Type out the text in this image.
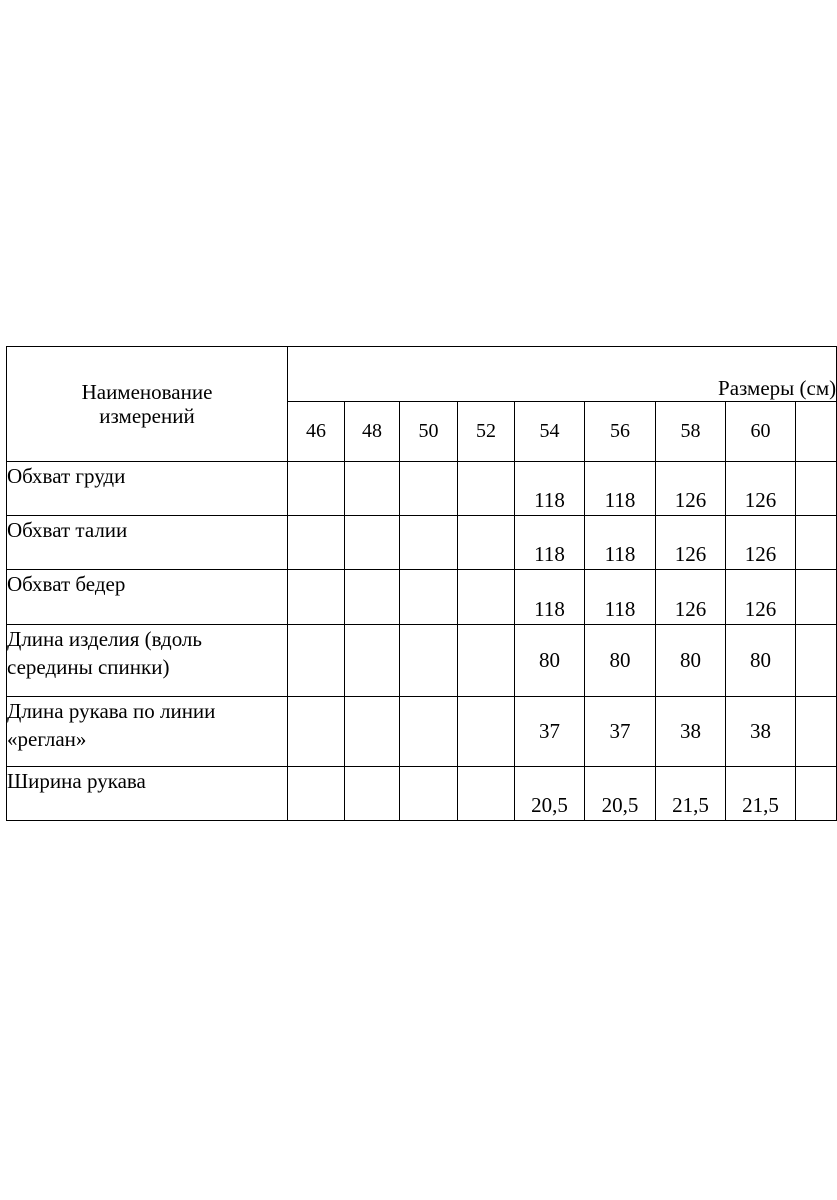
Наименование
измерений	Размеры (см)								
	46	48	50	52	54	56	58	60	
Обхват груди					118	118	126	126	
Обхват талии					118	118	126	126	
Обхват бедер					118	118	126	126	

Длина изделия (вдоль
середины спинки)					80	80	80	80	

Длина рукава по линии
«реглан»					37	37	38	38	
Ширина рукава					20,5	20,5	21,5	21,5	
